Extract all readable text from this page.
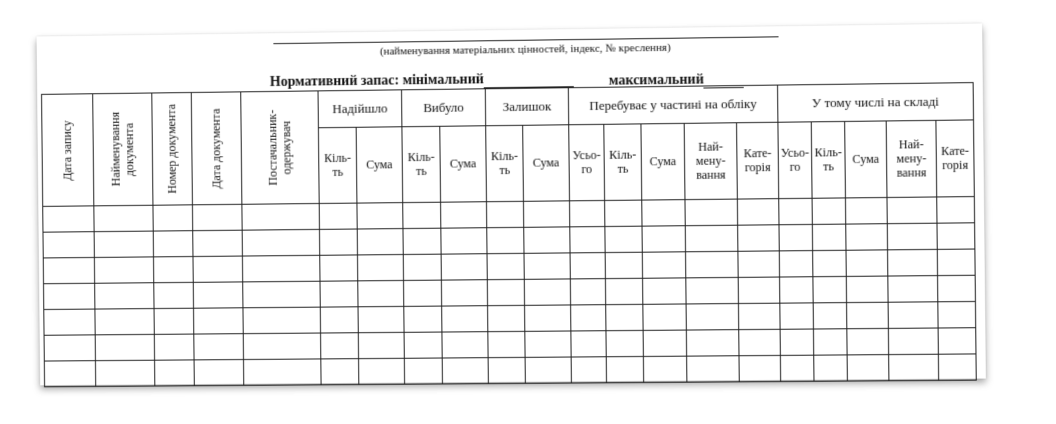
(найменування матеріальних цінностей, індекс, № креслення)
Нормативний запас: мінімальний	максимальний
Дата запису	Найменування документа	Номер документа	Дата документа	Постачальник-одержувач	Надійшло		Вибуло		Залишок		Перебуває у частині на обліку					У тому числі на складі				
					Кіль- ть	Сума	Кіль- ть	Сума	Кіль- ть	Сума	Усьо- го	Кіль- ть	Сума	Най- мену- вання	Кате- горія	Усьо- го	Кіль- ть	Сума	Най- мену- вання	Кате- горія
